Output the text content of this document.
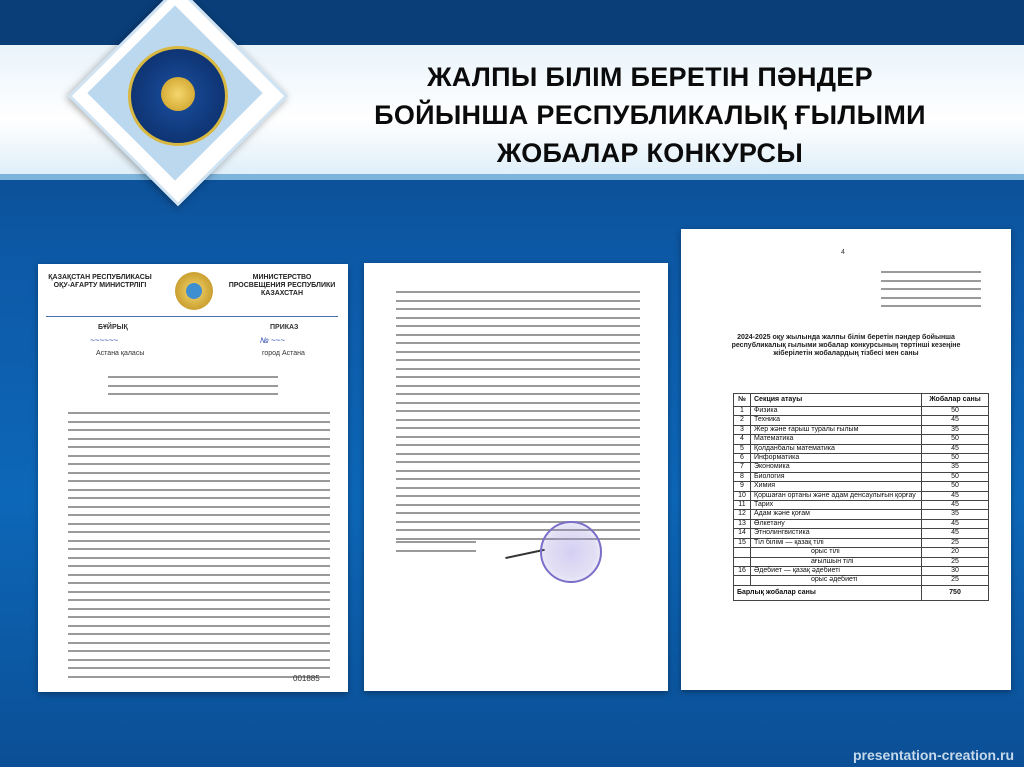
ЖАЛПЫ БІЛІМ БЕРЕТІН ПӘНДЕР
БОЙЫНША РЕСПУБЛИКАЛЫҚ ҒЫЛЫМИ
ЖОБАЛАР КОНКУРСЫ
ҚАЗАҚСТАН РЕСПУБЛИКАСЫ ОҚУ-АҒАРТУ МИНИСТРЛІГІ
МИНИСТЕРСТВО ПРОСВЕЩЕНИЯ РЕСПУБЛИКИ КАЗАХСТАН
БҰЙРЫҚ	ПРИКАЗ
~~~~~~	№ ~~~
Астана қаласы	город Астана
001885
4
2024-2025 оқу жылында жалпы білім беретін пәндер бойынша республикалық ғылыми жобалар конкурсының төртінші кезеңіне жіберілетін жобалардың тізбесі мен саны
№	Секция атауы	Жобалар саны
1	Физика	50
2	Техника	45
3	Жер және ғарыш туралы ғылым	35
4	Математика	50
5	Қолданбалы математика	45
6	Информатика	50
7	Экономика	35
8	Биология	50
9	Химия	50
10	Қоршаған ортаны және адам денсаулығын қорғау	45
11	Тарих	45
12	Адам және қоғам	35
13	Өлкетану	45
14	Этнолингвистика	45
15	Тіл білімі — қазақ тілі	25
	орыс тілі	20
	ағылшын тілі	25
16	Әдебиет — қазақ әдебиеті	30
	орыс әдебиеті	25
Барлық жобалар саны		750
presentation-creation.ru
